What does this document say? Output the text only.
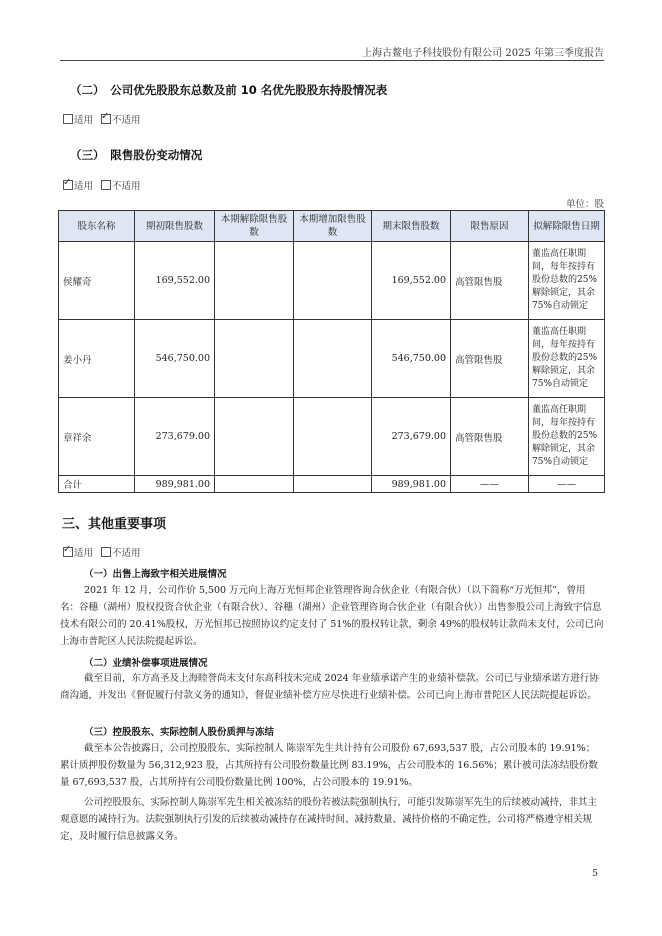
上海古鳌电子科技股份有限公司 2025 年第三季度报告
（二）　公司优先股股东总数及前 10 名优先股股东持股情况表
适用 ✓ 不适用
（三）　限售股份变动情况
✓适用 不适用
单位：股
股东名称	期初限售股数	本期解除限售股数	本期增加限售股数	期末限售股数	限售原因	拟解除限售日期
侯耀奇	169,552.00			169,552.00	高管限售股	董监高任职期间，每年按持有股份总数的25%解除锁定，其余 75%自动锁定
姜小丹	546,750.00			546,750.00	高管限售股	董监高任职期间，每年按持有股份总数的25%解除锁定，其余 75%自动锁定
章祥余	273,679.00			273,679.00	高管限售股	董监高任职期间，每年按持有股份总数的25%解除锁定，其余 75%自动锁定
合计	989,981.00			989,981.00	——	——
三、其他重要事项
✓适用 不适用
（一）出售上海致宇相关进展情况
2021 年 12 月，公司作价 5,500 万元向上海万光恒邦企业管理咨询合伙企业（有限合伙）（以下简称“万光恒邦”，曾用名：谷穗（湖州）股权投资合伙企业（有限合伙）、谷穗（湖州）企业管理咨询合伙企业（有限合伙））出售参股公司上海致宇信息技术有限公司的 20.41%股权，万光恒邦已按照协议约定支付了 51%的股权转让款，剩余 49%的股权转让款尚未支付，公司已向上海市普陀区人民法院提起诉讼。
（二）业绩补偿事项进展情况
截至目前，东方高圣及上海睦誉尚未支付东高科技未完成 2024 年业绩承诺产生的业绩补偿款。公司已与业绩承诺方进行协商沟通，并发出《督促履行付款义务的通知》，督促业绩补偿方应尽快进行业绩补偿。公司已向上海市普陀区人民法院提起诉讼。
（三）控股股东、实际控制人股份质押与冻结
截至本公告披露日，公司控股股东、实际控制人 陈崇军先生共计持有公司股份 67,693,537 股，占公司股本的 19.91%；累计质押股份数量为 56,312,923 股，占其所持有公司股份数量比例 83.19%，占公司股本的 16.56%；累计被司法冻结股份数量 67,693,537 股，占其所持有公司股份数量比例 100%，占公司股本的 19.91%。
公司控股股东、实际控制人陈崇军先生相关被冻结的股份若被法院强制执行，可能引发陈崇军先生的后续被动减持，非其主观意愿的减持行为。法院强制执行引发的后续被动减持存在减持时间、减持数量、减持价格的不确定性，公司将严格遵守相关规定，及时履行信息披露义务。
5
